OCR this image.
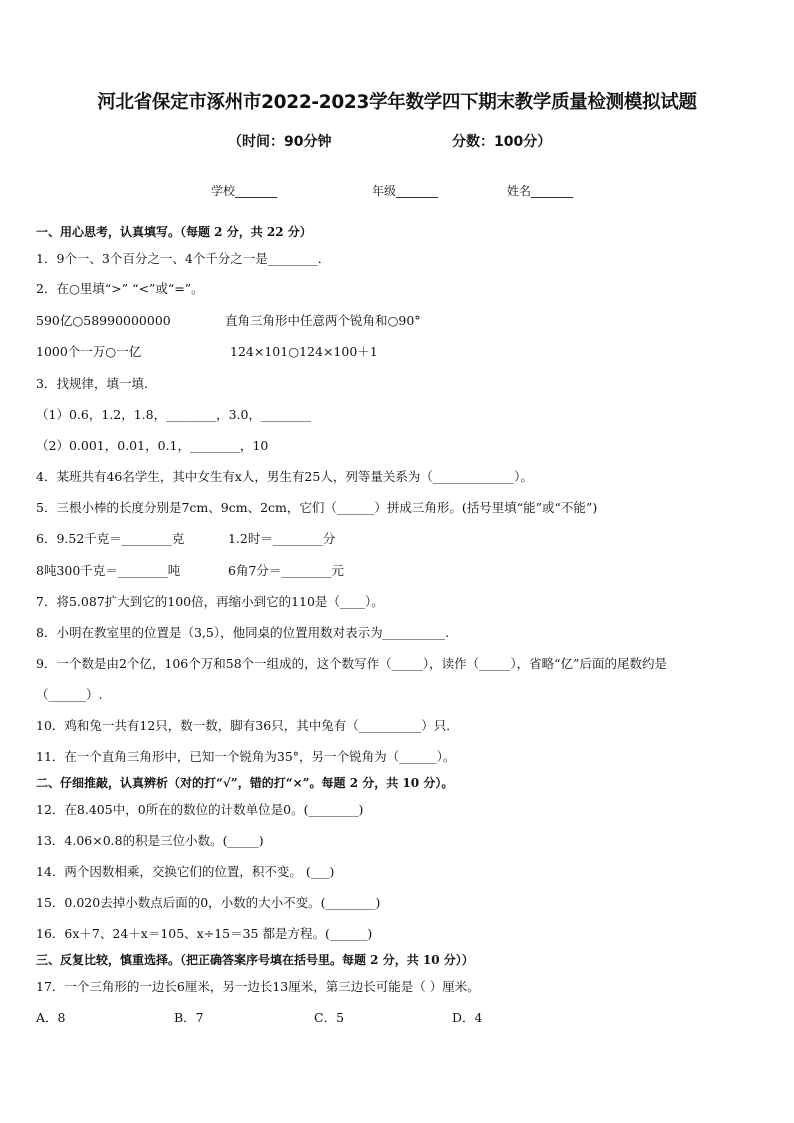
河北省保定市涿州市2022-2023学年数学四下期末教学质量检测模拟试题
（时间：90分钟	分数：100分）
学校_______	年级_______	姓名_______
一、用心思考，认真填写。（每题 2 分，共 22 分）
1．9个一、3个百分之一、4个千分之一是________．
2．在○里填“>” “<”或“=”。
590亿○58990000000	直角三角形中任意两个锐角和○90°
1000个一万○一亿	124×101○124×100＋1
3．找规律，填一填．
（1）0.6，1.2，1.8，________，3.0，________
（2）0.001，0.01，0.1，________，10
4．某班共有46名学生，其中女生有x人，男生有25人，列等量关系为（_____________）。
5．三根小棒的长度分别是7cm、9cm、2cm，它们（______）拼成三角形。(括号里填“能”或“不能”)
6．9.52千克＝________克	1.2时＝________分
8吨300千克＝________吨	6角7分＝________元
7．将5.087扩大到它的100倍，再缩小到它的110是（____）。
8．小明在教室里的位置是（3,5），他同桌的位置用数对表示为__________.
9．一个数是由2个亿，106个万和58个一组成的，这个数写作（_____），读作（_____），省略“亿”后面的尾数约是
（______）.
10．鸡和兔一共有12只，数一数，脚有36只，其中兔有（__________）只．
11．在一个直角三角形中，已知一个锐角为35°，另一个锐角为（______）。
二、仔细推敲，认真辨析（对的打“√”，错的打“×”。每题 2 分，共 10 分）。
12．在8.405中，0所在的数位的计数单位是0。(________)
13．4.06×0.8的积是三位小数。(_____)
14．两个因数相乘，交换它们的位置，积不变。 (___)
15．0.020去掉小数点后面的0，小数的大小不变。(________)
16．6x＋7、24＋x＝105、x÷15＝35 都是方程。(______)
三、反复比较，慎重选择。（把正确答案序号填在括号里。每题 2 分，共 10 分））
17．一个三角形的一边长6厘米，另一边长13厘米，第三边长可能是（ ）厘米。
A．8	B．7	C．5	D．4
